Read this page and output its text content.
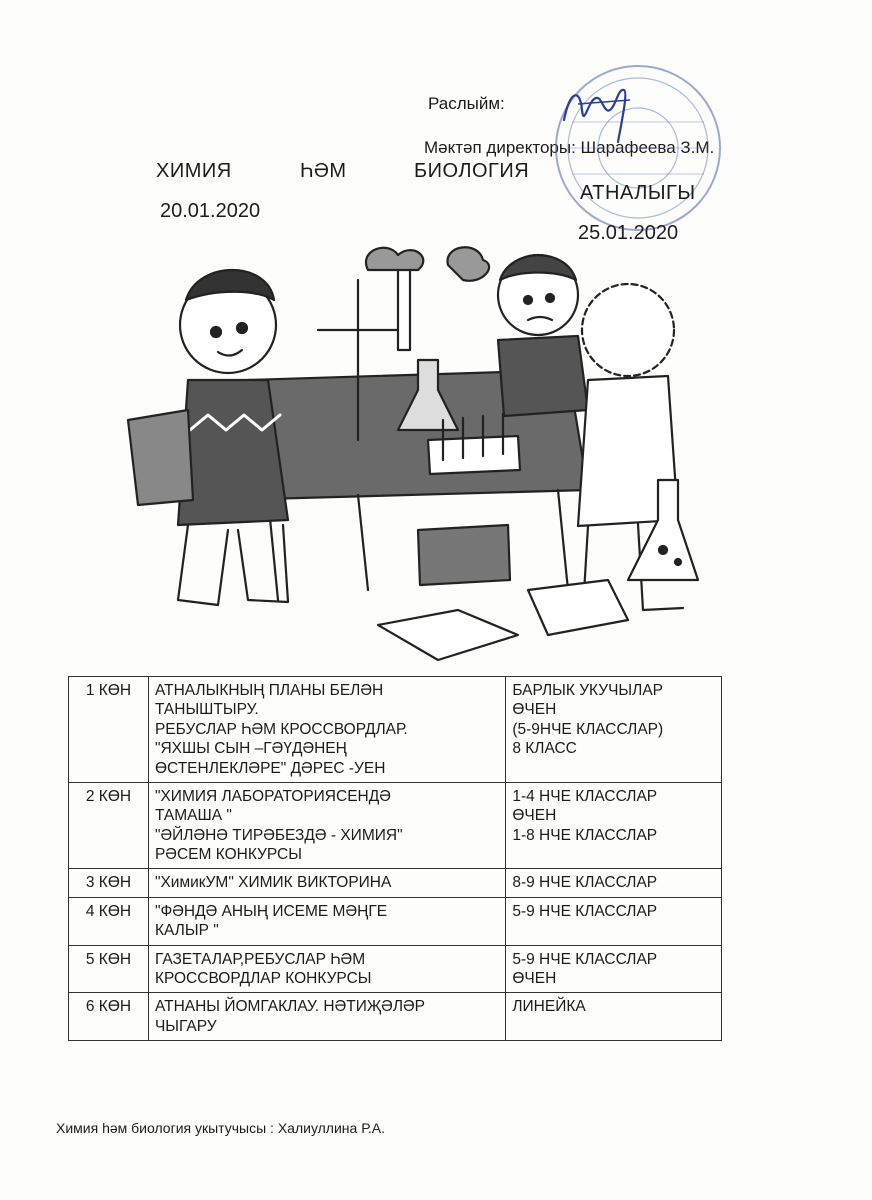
Раслыйм:
Мәктәп директоры: Шарафеева З.М.
ХИМИЯ	ҺӘМ	БИОЛОГИЯ
АТНАЛЫГЫ
20.01.2020
25.01.2020
1 КӨН	АТНАЛЫКНЫҢ ПЛАНЫ БЕЛӘН
ТАНЫШТЫРУ.
РЕБУСЛАР ҺӘМ КРОССВОРДЛАР.
"ЯХШЫ СЫН –ГӘҮДӘНЕҢ
ӨСТЕНЛЕКЛӘРЕ" ДӘРЕС -УЕН	БАРЛЫК УКУЧЫЛАР
ӨЧЕН
(5-9НЧЕ КЛАССЛАР)
8 КЛАСС

2 КӨН	"ХИМИЯ ЛАБОРАТОРИЯСЕНДӘ
ТАМАША "
"ӘЙЛӘНӘ ТИРӘБЕЗДӘ - ХИМИЯ"
РӘСЕМ КОНКУРСЫ	1-4 НЧЕ КЛАССЛАР
ӨЧЕН
1-8 НЧЕ КЛАССЛАР

3 КӨН	"ХимикУМ" ХИМИК ВИКТОРИНА	8-9 НЧЕ КЛАССЛАР

4 КӨН	"ФӘНДӘ АНЫҢ ИСЕМЕ МӘҢГЕ
КАЛЫР "	5-9 НЧЕ КЛАССЛАР

5 КӨН	ГАЗЕТАЛАР,РЕБУСЛАР ҺӘМ
КРОССВОРДЛАР КОНКУРСЫ	5-9 НЧЕ КЛАССЛАР
ӨЧЕН

6 КӨН	АТНАНЫ ЙОМГАКЛАУ. НӘТИҖӘЛӘР
ЧЫГАРУ	ЛИНЕЙКА
Химия һәм биология укытучысы : Халиуллина Р.А.
